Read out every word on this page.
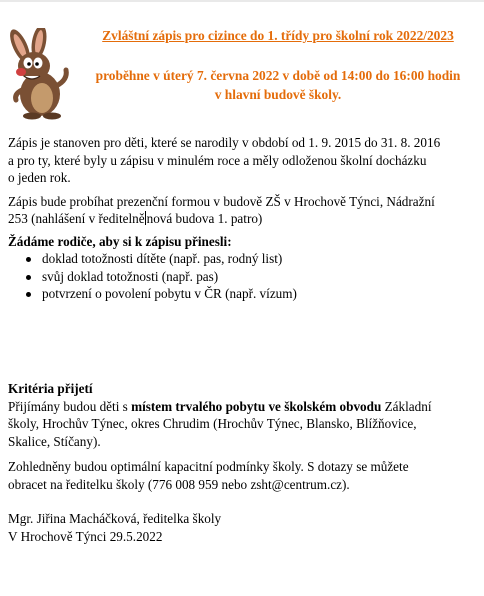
Zvláštní zápis pro cizince do 1. třídy pro školní rok 2022/2023
proběhne v úterý 7. června 2022 v době od 14:00 do 16:00 hodin
v hlavní budově školy.

Zápis je stanoven pro děti, které se narodily v období od 1. 9. 2015 do 31. 8. 2016
a pro ty, které byly u zápisu v minulém roce a měly odloženou školní docházku
o jeden rok.

Zápis bude probíhat prezenční formou v budově ZŠ v Hrochově Týnci, Nádražní
253 (nahlášení v ředitelně nová budova 1. patro)

Žádáme rodiče, aby si k zápisu přinesli:

doklad totožnosti dítěte (např. pas, rodný list)
svůj doklad totožnosti (např. pas)
potvrzení o povolení pobytu v ČR (např. vízum)

Kritéria přijetí

Přijímány budou děti s místem trvalého pobytu ve školském obvodu Základní
školy, Hrochův Týnec, okres Chrudim (Hrochův Týnec, Blansko, Blížňovice,
Skalice, Stíčany).

Zohledněny budou optimální kapacitní podmínky školy. S dotazy se můžete
obracet na ředitelku školy (776 008 959 nebo zsht@centrum.cz).

Mgr. Jiřina Macháčková, ředitelka školy

V Hrochově Týnci 29.5.2022
